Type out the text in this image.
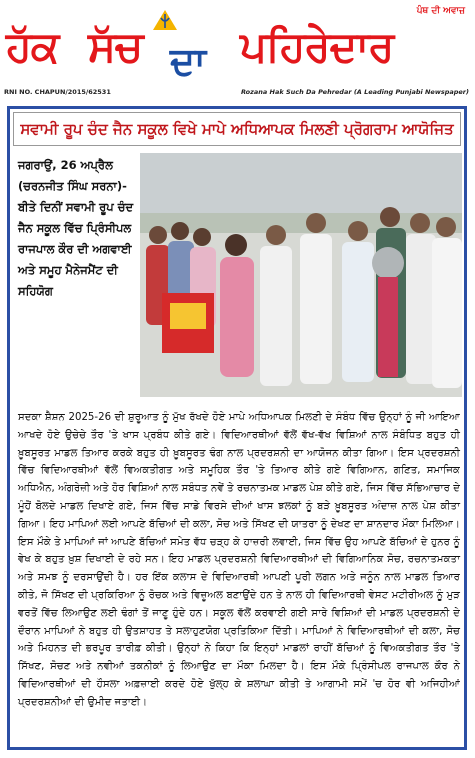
ਹੱਕ ਸੱਚ ਦਾ ਪਹਿਰੇਦਾਰ
ਪੰਥ ਦੀ ਅਵਾਜ਼
RNI NO. CHAPUN/2015/62531	Rozana Hak Such Da Pehredar (A Leading Punjabi Newspaper)
ਸਵਾਮੀ ਰੂਪ ਚੰਦ ਜੈਨ ਸਕੂਲ ਵਿਖੇ ਮਾਪੇ ਅਧਿਆਪਕ ਮਿਲਣੀ ਪ੍ਰੋਗਰਾਮ ਆਯੋਜਿਤ

ਜਗਰਾਉਂ, 26 ਅਪ੍ਰੈਲ (ਚਰਨਜੀਤ ਸਿੰਘ ਸਰਨਾ)-ਬੀਤੇ ਦਿਨੀਂ ਸਵਾਮੀ ਰੂਪ ਚੰਦ ਜੈਨ ਸਕੂਲ ਵਿੱਚ ਪ੍ਰਿੰਸੀਪਲ ਰਾਜਪਾਲ ਕੌਰ ਦੀ ਅਗਵਾਈ ਅਤੇ ਸਮੂਹ ਮੈਨੇਜਮੈਂਟ ਦੀ ਸਹਿਯੋਗ

ਸਦਕਾ ਸ਼ੈਸ਼ਨ 2025-26 ਦੀ ਸ਼ੁਰੂਆਤ ਨੂੰ ਮੁੱਖ ਰੱਖਦੇ ਹੋਏ ਮਾਪੇ ਅਧਿਆਪਕ ਮਿਲਣੀ ਦੇ ਸੰਬੰਧ ਵਿੱਚ ਉਨ੍ਹਾਂ ਨੂੰ ਜੀ ਆਇਆ ਆਖਦੇ ਹੋਏ ਉਚੇਚੇ ਤੌਰ 'ਤੇ ਖਾਸ ਪ੍ਰਬੰਧ ਕੀਤੇ ਗਏ। ਵਿਦਿਆਰਥੀਆਂ ਵੱਲੋਂ ਵੱਖ-ਵੱਖ ਵਿਸ਼ਿਆਂ ਨਾਲ ਸੰਬੰਧਿਤ ਬਹੁਤ ਹੀ ਖ਼ੂਬਸੂਰਤ ਮਾਡਲ ਤਿਆਰ ਕਰਕੇ ਬਹੁਤ ਹੀ ਖ਼ੂਬਸੂਰਤ ਢੰਗ ਨਾਲ ਪ੍ਰਦਰਸ਼ਨੀ ਦਾ ਆਯੋਜਨ ਕੀਤਾ ਗਿਆ। ਇਸ ਪ੍ਰਦਰਸ਼ਨੀ ਵਿੱਚ ਵਿਦਿਆਰਥੀਆਂ ਵੱਲੋਂ ਵਿਅਕਤੀਗਤ ਅਤੇ ਸਮੂਹਿਕ ਤੌਰ 'ਤੇ ਤਿਆਰ ਕੀਤੇ ਗਏ ਵਿਗਿਆਨ, ਗਣਿਤ, ਸਮਾਜਿਕ ਅਧਿਐਨ, ਅੰਗਰੇਜ਼ੀ ਅਤੇ ਹੋਰ ਵਿਸ਼ਿਆਂ ਨਾਲ ਸਬੰਧਤ ਨਵੇਂ ਤੇ ਰਚਨਾਤਮਕ ਮਾਡਲ ਪੇਸ਼ ਕੀਤੇ ਗਏ, ਜਿਸ ਵਿੱਚ ਸੱਭਿਆਚਾਰ ਦੇ ਮੂੰਹੋਂ ਬੋਲਦੇ ਮਾਡਲ ਦਿਖਾਏ ਗਏ, ਜਿਸ ਵਿੱਚ ਸਾਡੇ ਵਿਰਸੇ ਦੀਆਂ ਖਾਸ ਝਲਕਾਂ ਨੂੰ ਬੜੇ ਖ਼ੂਬਸੂਰਤ ਅੰਦਾਜ਼ ਨਾਲ ਪੇਸ਼ ਕੀਤਾ ਗਿਆ। ਇਹ ਮਾਪਿਆਂ ਲਈ ਆਪਣੇ ਬੱਚਿਆਂ ਦੀ ਕਲਾ, ਸੋਚ ਅਤੇ ਸਿੱਖਣ ਦੀ ਯਾਤਰਾ ਨੂੰ ਦੇਖਣ ਦਾ ਸ਼ਾਨਦਾਰ ਮੌਕਾ ਮਿਲਿਆ। ਇਸ ਮੌਕੇ ਤੇ ਮਾਪਿਆਂ ਜਾਂ ਆਪਣੇ ਬੱਚਿਆਂ ਸਮੇਤ ਵੱਧ ਚੜ੍ਹ ਕੇ ਹਾਜ਼ਰੀ ਲਵਾਈ, ਜਿਸ ਵਿੱਚ ਉਹ ਆਪਣੇ ਬੱਚਿਆਂ ਦੇ ਹੁਨਰ ਨੂੰ ਵੇਖ ਕੇ ਬਹੁਤ ਖ਼ੁਸ਼ ਦਿਖਾਈ ਦੇ ਰਹੇ ਸਨ। ਇਹ ਮਾਡਲ ਪ੍ਰਦਰਸ਼ਨੀ ਵਿਦਿਆਰਥੀਆਂ ਦੀ ਵਿਗਿਆਨਿਕ ਸੋਚ, ਰਚਨਾਤਮਕਤਾ ਅਤੇ ਸਮਝ ਨੂੰ ਦਰਸਾਉਂਦੀ ਹੈ। ਹਰ ਇੱਕ ਕਲਾਸ ਦੇ ਵਿਦਿਆਰਥੀ ਆਪਣੀ ਪੂਰੀ ਲਗਨ ਅਤੇ ਜਨੂੰਨ ਨਾਲ ਮਾਡਲ ਤਿਆਰ ਕੀਤੇ, ਜੋ ਸਿੱਖਣ ਦੀ ਪ੍ਰਕਿਰਿਆ ਨੂੰ ਰੋਚਕ ਅਤੇ ਵਿਜ਼ੂਅਲ ਬਣਾਉਂਦੇ ਹਨ ਤੇ ਨਾਲ ਹੀ ਵਿਦਿਆਰਥੀ ਵੇਸਟ ਮਟੀਰੀਅਲ ਨੂੰ ਮੁੜ ਵਰਤੋਂ ਵਿੱਚ ਲਿਆਉਣ ਲਈ ਢੰਗਾਂ ਤੋਂ ਜਾਣੂ ਹੁੰਦੇ ਹਨ। ਸਕੂਲ ਵੱਲੋਂ ਕਰਵਾਈ ਗਈ ਸਾਰੇ ਵਿਸ਼ਿਆਂ ਦੀ ਮਾਡਲ ਪ੍ਰਦਰਸ਼ਨੀ ਦੇ ਦੌਰਾਨ ਮਾਪਿਆਂ ਨੇ ਬਹੁਤ ਹੀ ਉਤਸ਼ਾਹਤ ਤੇ ਸਲਾਹੁਣਯੋਗ ਪ੍ਰਤਿਕਿਆ ਦਿੱਤੀ। ਮਾਪਿਆਂ ਨੇ ਵਿਦਿਆਰਥੀਆਂ ਦੀ ਕਲਾ, ਸੋਚ ਅਤੇ ਮਿਹਨਤ ਦੀ ਭਰਪੂਰ ਤਾਰੀਫ਼ ਕੀਤੀ। ਉਨ੍ਹਾਂ ਨੇ ਕਿਹਾ ਕਿ ਇਨ੍ਹਾਂ ਮਾਡਲਾਂ ਰਾਹੀਂ ਬੱਚਿਆਂ ਨੂੰ ਵਿਅਕਤੀਗਤ ਤੌਰ 'ਤੇ ਸਿੱਖਣ, ਸੋਚਣ ਅਤੇ ਨਵੀਆਂ ਤਕਨੀਕਾਂ ਨੂੰ ਲਿਆਉਣ ਦਾ ਮੌਕਾ ਮਿਲਦਾ ਹੈ। ਇਸ ਮੌਕੇ ਪ੍ਰਿੰਸੀਪਲ ਰਾਜਪਾਲ ਕੌਰ ਨੇ ਵਿਦਿਆਰਥੀਆਂ ਦੀ ਹੌਸਲਾ ਅਫ਼ਜ਼ਾਈ ਕਰਦੇ ਹੋਏ ਖੁੱਲ੍ਹ ਕੇ ਸ਼ਲਾਘਾ ਕੀਤੀ ਤੇ ਆਗਾਮੀ ਸਮੇਂ 'ਚ ਹੋਰ ਵੀ ਅਜਿਹੀਆਂ ਪ੍ਰਦਰਸ਼ਨੀਆਂ ਦੀ ਉਮੀਦ ਜਤਾਈ।
